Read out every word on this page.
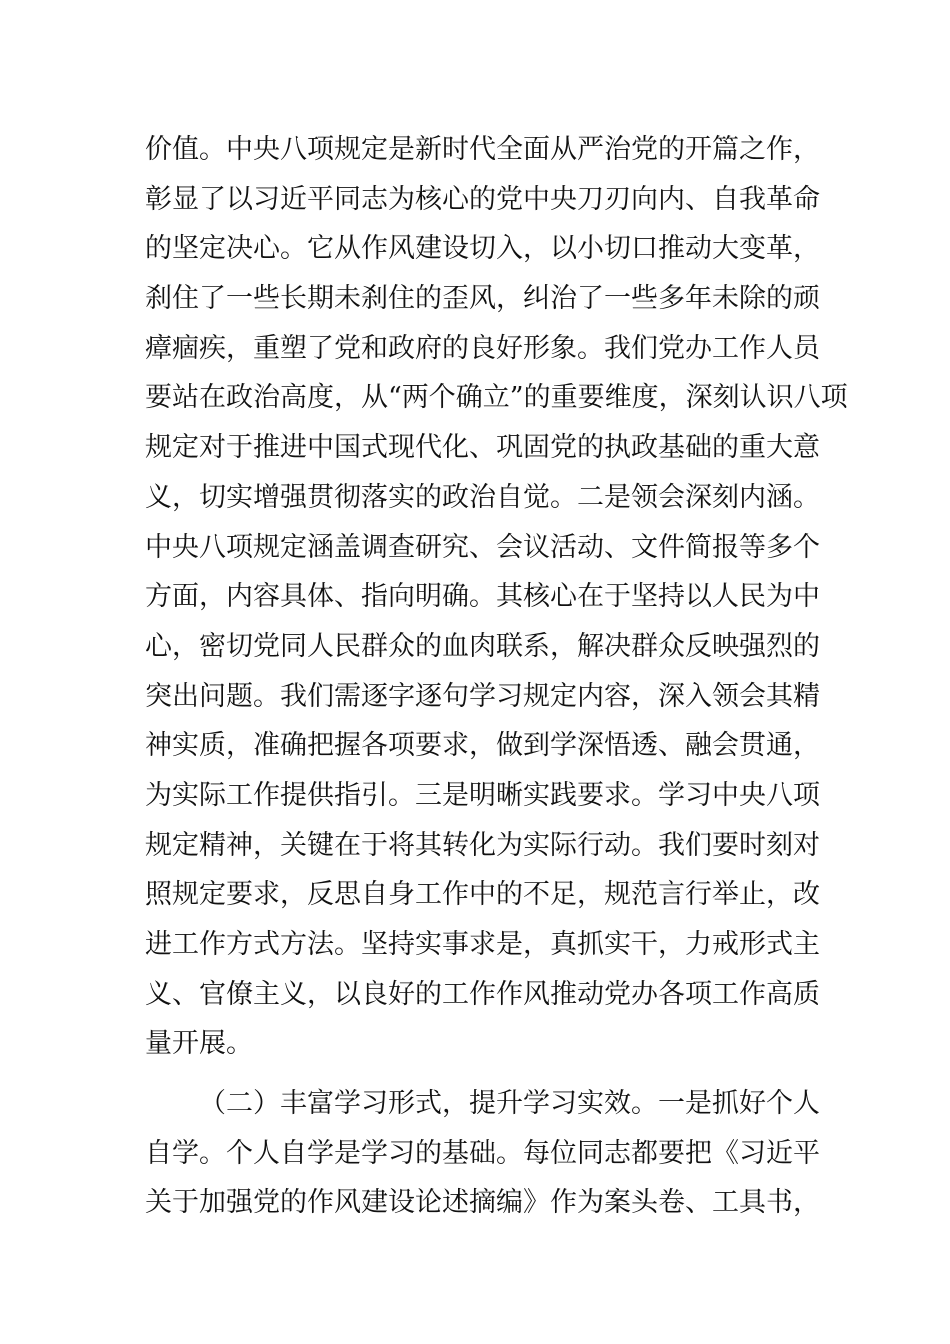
价值。中央八项规定是新时代全面从严治党的开篇之作，
彰显了以习近平同志为核心的党中央刀刃向内、自我革命
的坚定决心。它从作风建设切入，以小切口推动大变革，
刹住了一些长期未刹住的歪风，纠治了一些多年未除的顽
瘴痼疾，重塑了党和政府的良好形象。我们党办工作人员
要站在政治高度，从“两个确立”的重要维度，深刻认识八项
规定对于推进中国式现代化、巩固党的执政基础的重大意
义，切实增强贯彻落实的政治自觉。二是领会深刻内涵。
中央八项规定涵盖调查研究、会议活动、文件简报等多个
方面，内容具体、指向明确。其核心在于坚持以人民为中
心，密切党同人民群众的血肉联系，解决群众反映强烈的
突出问题。我们需逐字逐句学习规定内容，深入领会其精
神实质，准确把握各项要求，做到学深悟透、融会贯通，
为实际工作提供指引。三是明晰实践要求。学习中央八项
规定精神，关键在于将其转化为实际行动。我们要时刻对
照规定要求，反思自身工作中的不足，规范言行举止，改
进工作方式方法。坚持实事求是，真抓实干，力戒形式主
义、官僚主义，以良好的工作作风推动党办各项工作高质
量开展。
（二）丰富学习形式，提升学习实效。一是抓好个人
自学。个人自学是学习的基础。每位同志都要把《习近平
关于加强党的作风建设论述摘编》作为案头卷、工具书，
